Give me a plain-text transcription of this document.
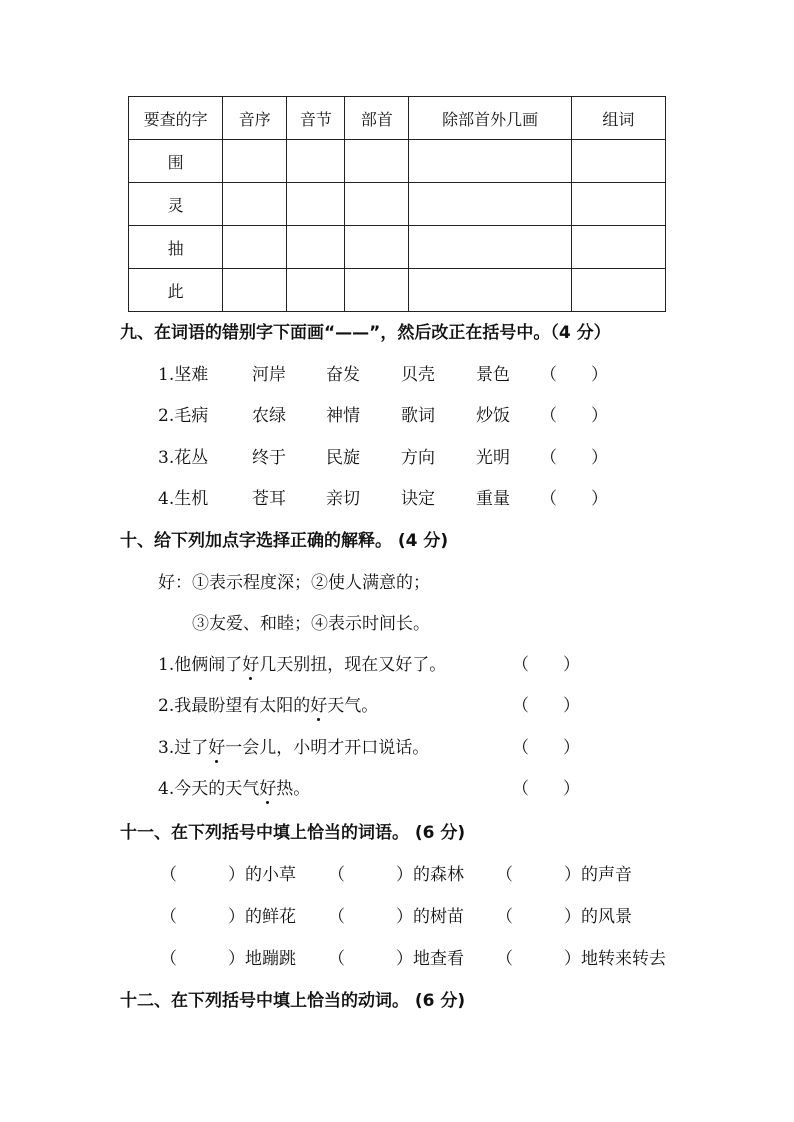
要查的字	音序	音节	部首	除部首外几画	组词
围					
灵					
抽					
此					
九、在词语的错别字下面画“——”，然后改正在括号中。（4 分）
1.坚难	河岸 奋发 贝壳 景色 （　　）
2.毛病	农绿 神情 歌词 炒饭 （　　）
3.花丛	终于 民旋 方向 光明 （　　）
4.生机	苍耳 亲切 诀定 重量 （　　）
十、给下列加点字选择正确的解释。 (4 分)
好：①表示程度深；②使人满意的；
③友爱、和睦；④表示时间长。
1.他俩闹了好几天别扭，现在又好了。	（　　）
2.我最盼望有太阳的好天气。	（　　）
3.过了好一会儿，小明才开口说话。	（　　）
4.今天的天气好热。	（　　）
十一、在下列括号中填上恰当的词语。 (6 分)
（　　　）的小草 （　　　）的森林 （　　　）的声音
（　　　）的鲜花 （　　　）的树苗 （　　　）的风景
（　　　）地蹦跳 （　　　）地查看 （　　　）地转来转去
十二、在下列括号中填上恰当的动词。 (6 分)
